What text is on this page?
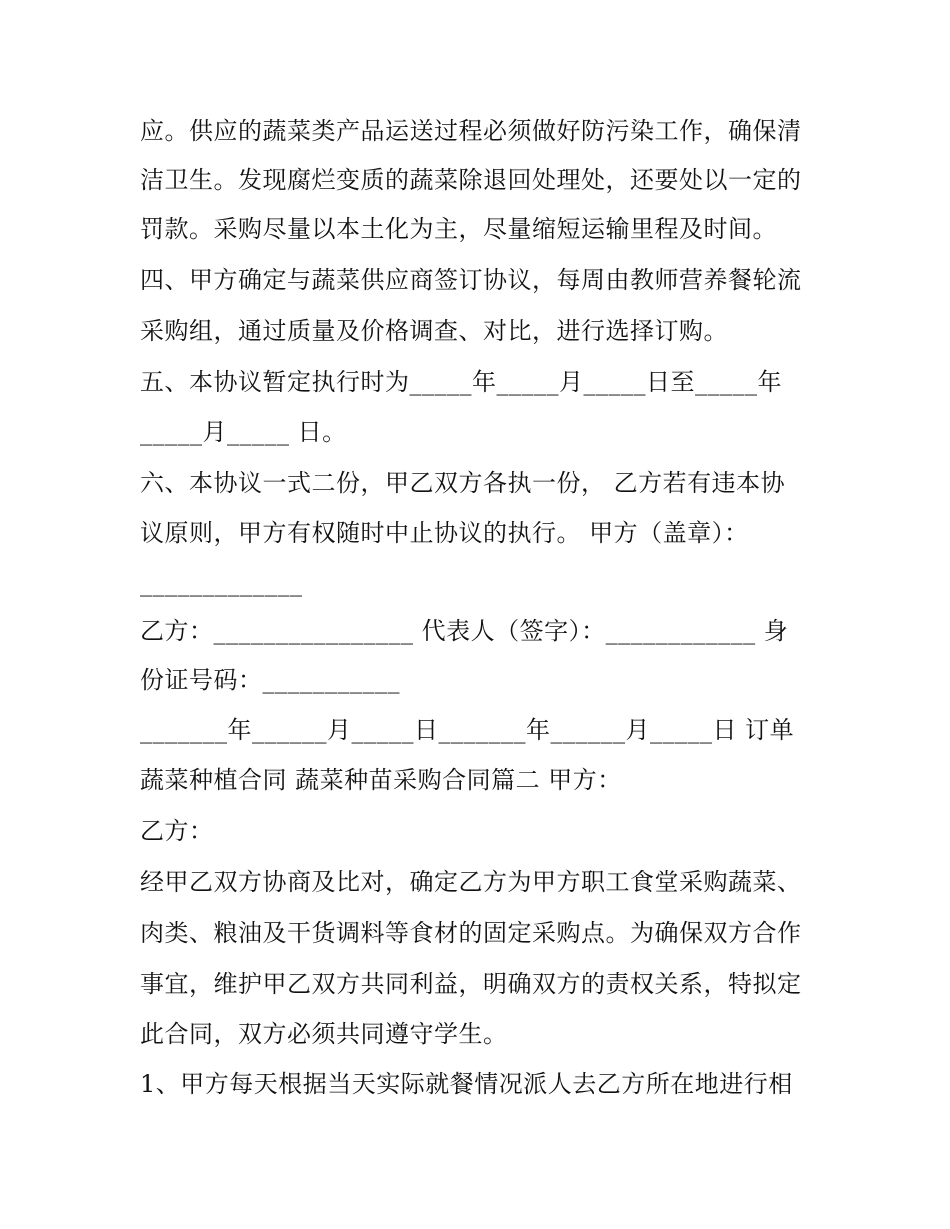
应。供应的蔬菜类产品运送过程必须做好防污染工作，确保清
洁卫生。发现腐烂变质的蔬菜除退回处理处，还要处以一定的
罚款。采购尽量以本土化为主，尽量缩短运输里程及时间。
四、甲方确定与蔬菜供应商签订协议，每周由教师营养餐轮流
采购组，通过质量及价格调查、对比，进行选择订购。
五、本协议暂定执行时为_____年_____月_____日至_____年
_____月_____ 日。
六、本协议一式二份，甲乙双方各执一份， 乙方若有违本协
议原则，甲方有权随时中止协议的执行。 甲方（盖章）：
_____________
乙方：________________ 代表人（签字）：____________ 身
份证号码：___________
_______年______月_____日_______年______月_____日 订单
蔬菜种植合同 蔬菜种苗采购合同篇二 甲方：
乙方：
经甲乙双方协商及比对，确定乙方为甲方职工食堂采购蔬菜、
肉类、粮油及干货调料等食材的固定采购点。为确保双方合作
事宜，维护甲乙双方共同利益，明确双方的责权关系，特拟定
此合同，双方必须共同遵守学生。
1、甲方每天根据当天实际就餐情况派人去乙方所在地进行相
